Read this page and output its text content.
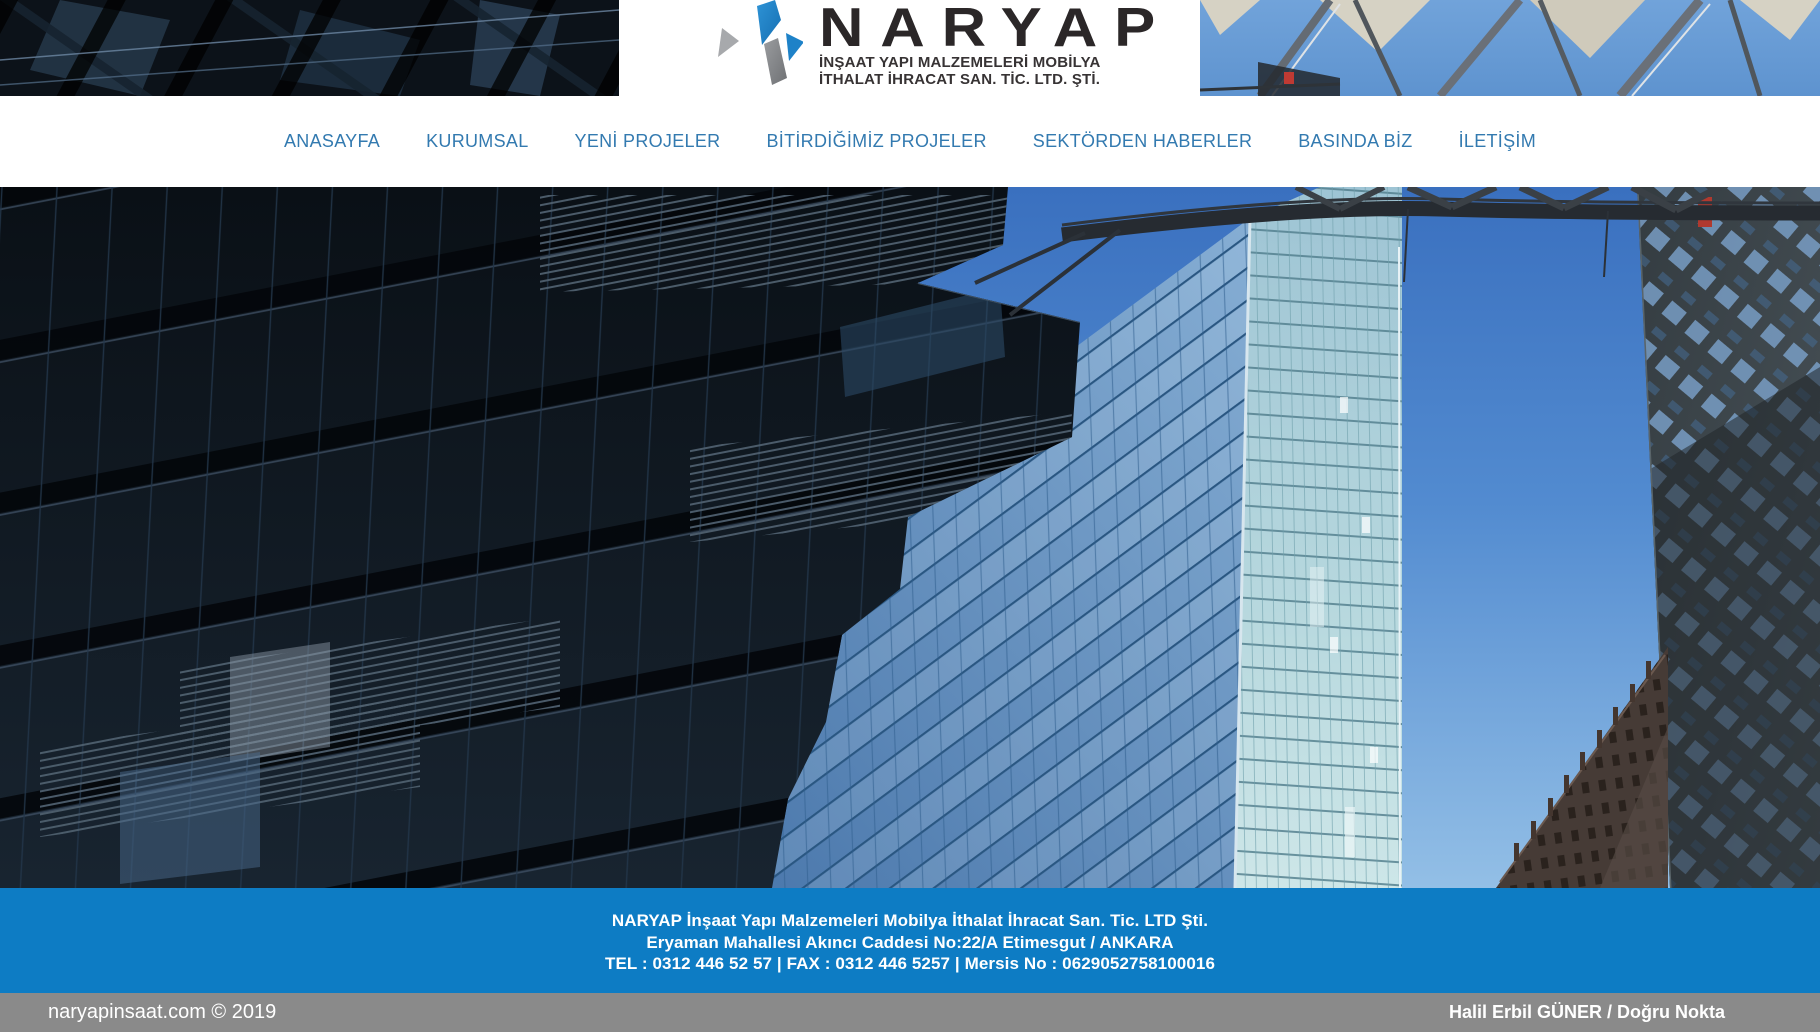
NARYAP
İNŞAAT YAPI MALZEMELERİ MOBİLYA
İTHALAT İHRACAT SAN. TİC. LTD. ŞTİ.
ANASAYFA	KURUMSAL	YENİ PROJELER	BİTİRDİĞİMİZ PROJELER	SEKTÖRDEN HABERLER	BASINDA BİZ	İLETİŞİM
NARYAP İnşaat Yapı Malzemeleri Mobilya İthalat İhracat San. Tic. LTD Şti.
Eryaman Mahallesi Akıncı Caddesi No:22/A Etimesgut / ANKARA
TEL : 0312 446 52 57 | FAX : 0312 446 5257 | Mersis No : 0629052758100016
naryapinsaat.com © 2019	Halil Erbil GÜNER / Doğru Nokta
